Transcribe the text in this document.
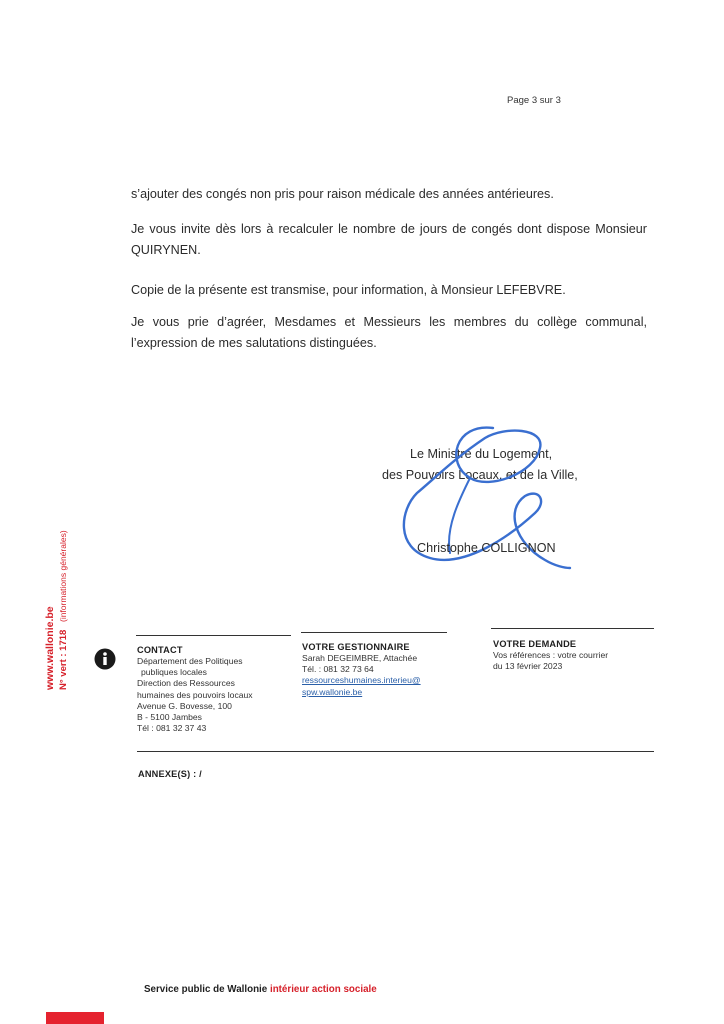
Page 3 sur 3

s’ajouter des congés non pris pour raison médicale des années antérieures.

Je vous invite dès lors à recalculer le nombre de jours de congés dont dispose Monsieur QUIRYNEN.

Copie de la présente est transmise, pour information, à Monsieur LEFEBVRE.

Je vous prie d’agréer, Mesdames et Messieurs les membres du collège communal, l’expression de mes salutations distinguées.

Le Ministre du Logement,
des Pouvoirs Locaux, et de la Ville,
Christophe COLLIGNON
www.wallonie.be N° vert : 1718
(informations générales)
CONTACT
Département des Politiques
publiques locales
Direction des Ressources
humaines des pouvoirs locaux
Avenue G. Bovesse, 100
B - 5100 Jambes
Tél : 081 32 37 43
VOTRE GESTIONNAIRE
Sarah DEGEIMBRE, Attachée
Tél. : 081 32 73 64
ressourceshumaines.interieu@
spw.wallonie.be
VOTRE DEMANDE
Vos références : votre courrier
du 13 février 2023
ANNEXE(S) : /
Service public de Wallonie intérieur action sociale
